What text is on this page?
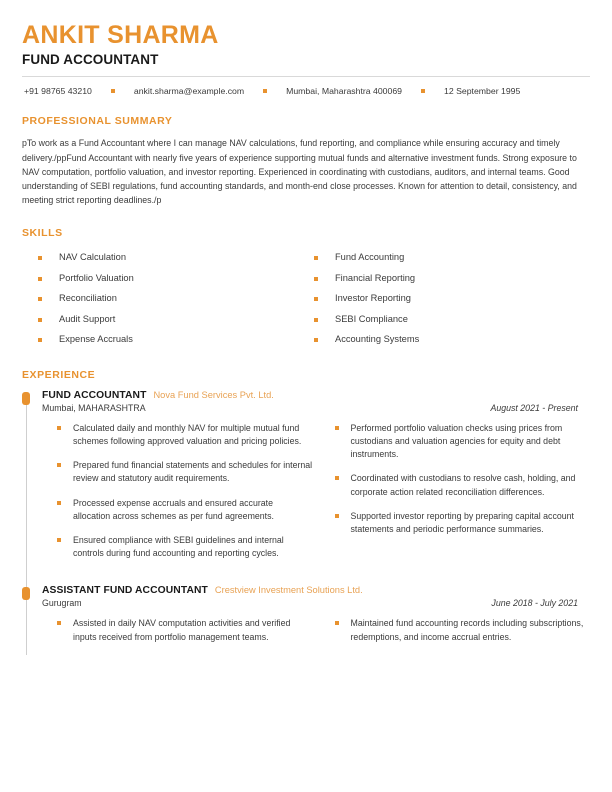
ANKIT SHARMA
FUND ACCOUNTANT
+91 98765 43210	ankit.sharma@example.com	Mumbai, Maharashtra 400069	12 September 1995
PROFESSIONAL SUMMARY
pTo work as a Fund Accountant where I can manage NAV calculations, fund reporting, and compliance while ensuring accuracy and timely delivery./ppFund Accountant with nearly five years of experience supporting mutual funds and alternative investment funds. Strong exposure to NAV computation, portfolio valuation, and investor reporting. Experienced in coordinating with custodians, auditors, and internal teams. Good understanding of SEBI regulations, fund accounting standards, and month-end close processes. Known for attention to detail, consistency, and meeting strict reporting deadlines./p
SKILLS
NAV Calculation	Fund Accounting
Portfolio Valuation	Financial Reporting
Reconciliation	Investor Reporting
Audit Support	SEBI Compliance
Expense Accruals	Accounting Systems
EXPERIENCE
FUND ACCOUNTANT Nova Fund Services Pvt. Ltd.
Mumbai, MAHARASHTRA	August 2021 - Present
Calculated daily and monthly NAV for multiple mutual fund schemes following approved valuation and pricing policies.
Prepared fund financial statements and schedules for internal review and statutory audit requirements.
Processed expense accruals and ensured accurate allocation across schemes as per fund agreements.
Ensured compliance with SEBI guidelines and internal controls during fund accounting and reporting cycles.
Performed portfolio valuation checks using prices from custodians and valuation agencies for equity and debt instruments.
Coordinated with custodians to resolve cash, holding, and corporate action related reconciliation differences.
Supported investor reporting by preparing capital account statements and periodic performance summaries.
ASSISTANT FUND ACCOUNTANT Crestview Investment Solutions Ltd.
Gurugram	June 2018 - July 2021
Assisted in daily NAV computation activities and verified inputs received from portfolio management teams.
Maintained fund accounting records including subscriptions, redemptions, and income accrual entries.
